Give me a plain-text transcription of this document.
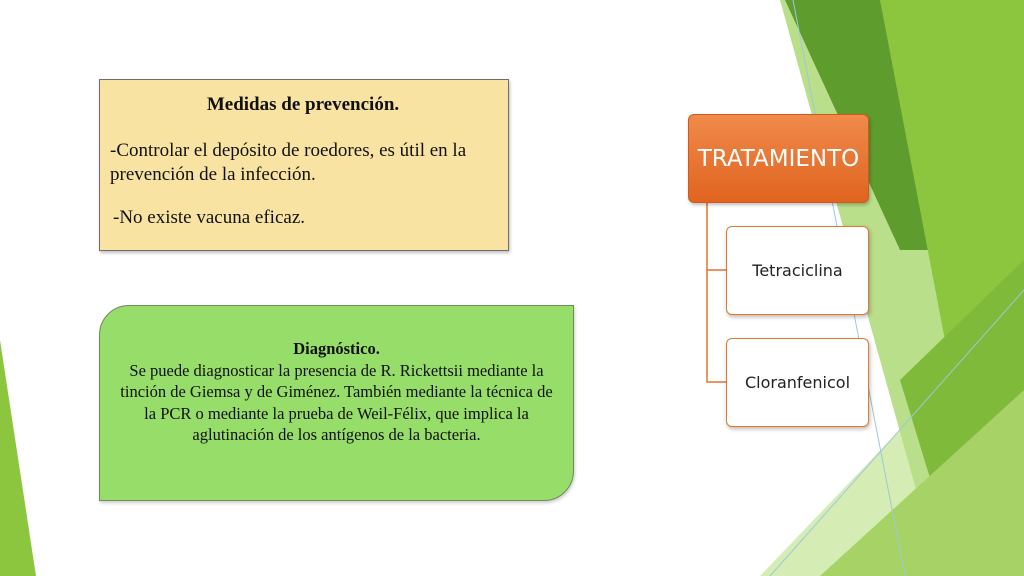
Medidas de prevención.
-Controlar el depósito de roedores, es útil en la prevención de la infección.
-No existe vacuna eficaz.
Diagnóstico.
Se puede diagnosticar la presencia de R. Rickettsii mediante la tinción de Giemsa y de Giménez. También mediante la técnica de la PCR o mediante la prueba de Weil-Félix, que implica la aglutinación de los antígenos de la bacteria.
TRATAMIENTO
Tetraciclina
Cloranfenicol
